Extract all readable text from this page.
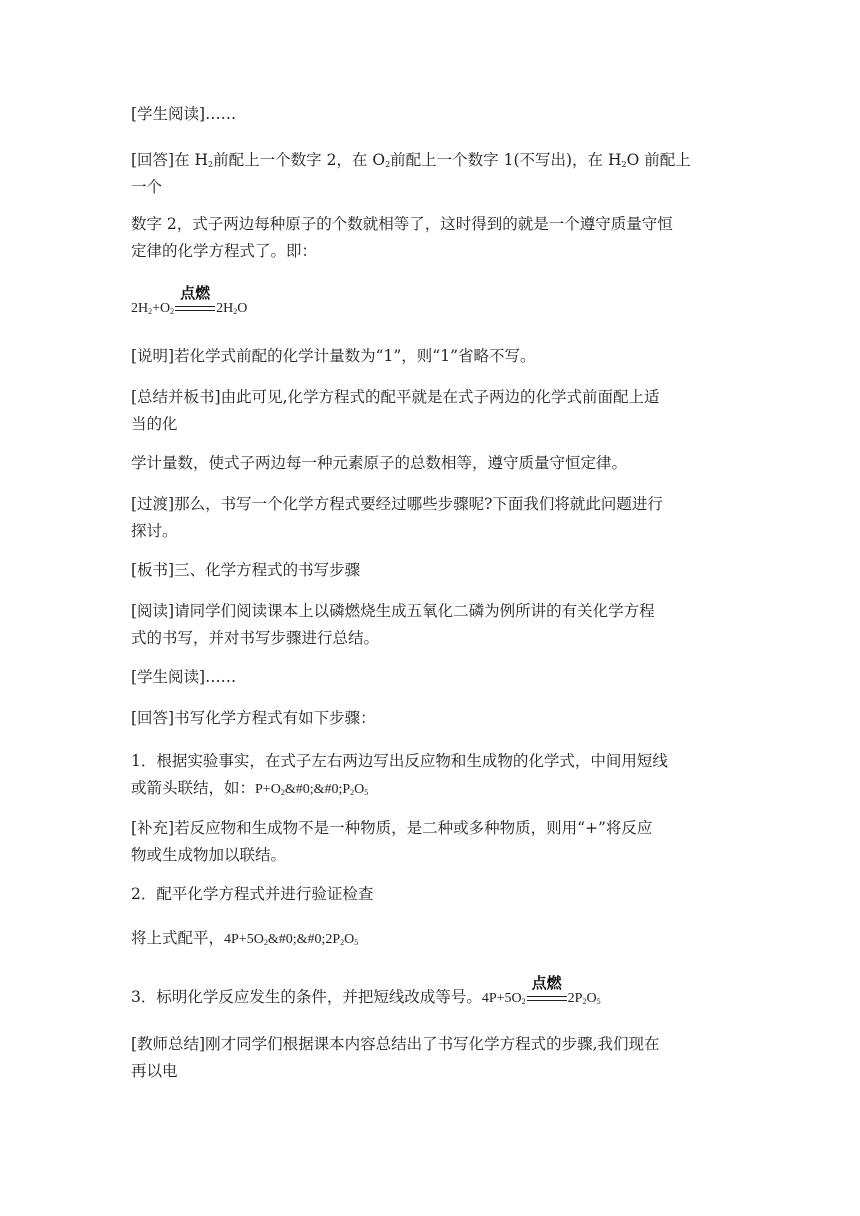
[学生阅读]……
[回答]在 $H_2$前配上一个数字 2，在 $O_2$前配上一个数字 1(不写出)，在 $H_2O$ 前配上
一个
数字 2，式子两边每种原子的个数就相等了，这时得到的就是一个遵守质量守恒
定律的化学方程式了。即：
$2H_2+O_2$
点燃
$2H_2O$
[说明]若化学式前配的化学计量数为“1”，则“1”省略不写。
[总结并板书]由此可见,化学方程式的配平就是在式子两边的化学式前面配上适
当的化
学计量数，使式子两边每一种元素原子的总数相等，遵守质量守恒定律。
[过渡]那么，书写一个化学方程式要经过哪些步骤呢?下面我们将就此问题进行
探讨。
[板书]三、化学方程式的书写步骤
[阅读]请同学们阅读课本上以磷燃烧生成五氧化二磷为例所讲的有关化学方程
式的书写，并对书写步骤进行总结。
[学生阅读]……
[回答]书写化学方程式有如下步骤：
1．根据实验事实，在式子左右两边写出反应物和生成物的化学式，中间用短线
或箭头联结，如：$P+O_2\&\#0;\&\#0;P_2O_5$
[补充]若反应物和生成物不是一种物质，是二种或多种物质，则用“+”将反应
物或生成物加以联结。
2．配平化学方程式并进行验证检查
将上式配平，$4P+5O_2\&\#0;\&\#0;2P_2O_5$
3．标明化学反应发生的条件，并把短线改成等号。$4P+5O_2$
点燃
$2P_2O_5$
[教师总结]刚才同学们根据课本内容总结出了书写化学方程式的步骤,我们现在
再以电
